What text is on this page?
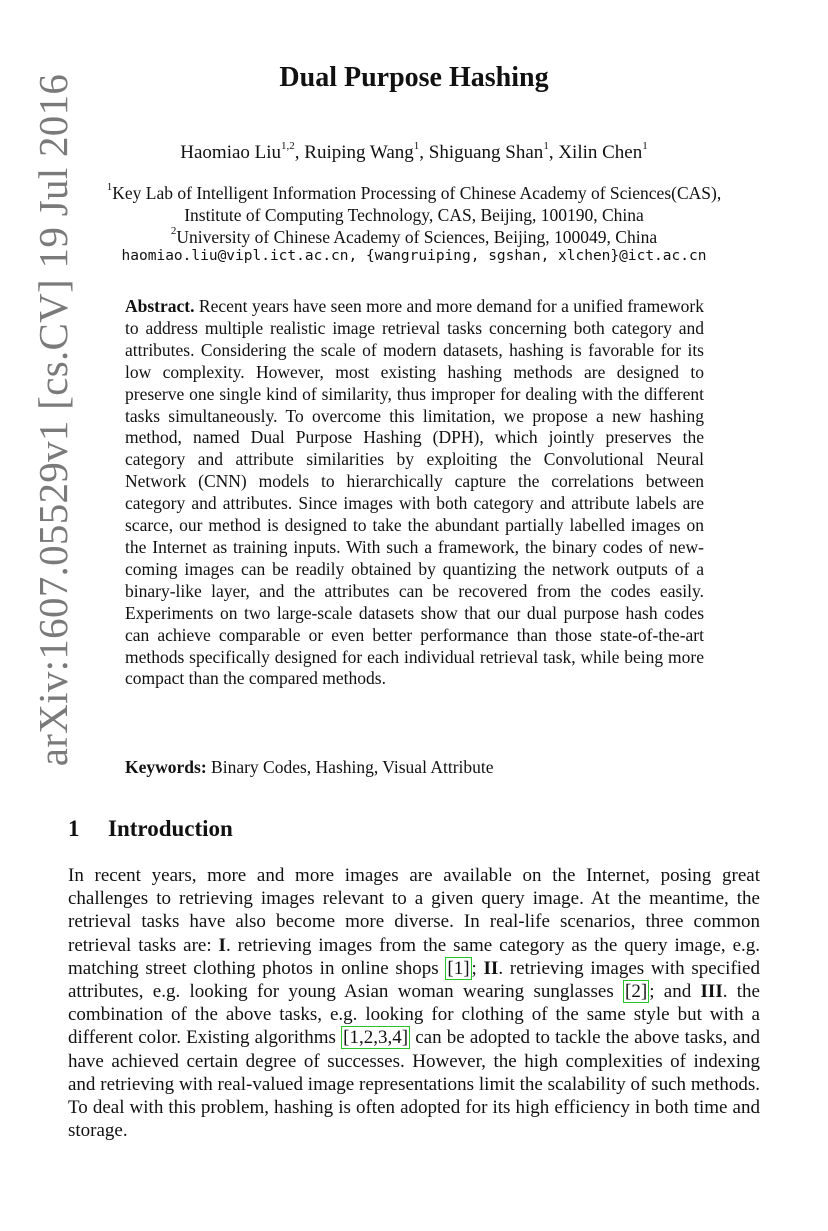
arXiv:1607.05529v1 [cs.CV] 19 Jul 2016	Dual Purpose Hashing
Haomiao Liu$^{1,2}$, Ruiping Wang$^1$, Shiguang Shan$^1$, Xilin Chen$^1$
$^1$Key Lab of Intelligent Information Processing of Chinese Academy of Sciences(CAS),
Institute of Computing Technology, CAS, Beijing, 100190, China
$^2$University of Chinese Academy of Sciences, Beijing, 100049, China
haomiao.liu@vipl.ict.ac.cn, {wangruiping, sgshan, xlchen}@ict.ac.cn
Abstract. Recent years have seen more and more demand for a unified framework to address multiple realistic image retrieval tasks concerning both category and attributes. Considering the scale of modern datasets, hashing is favorable for its low complexity. However, most existing hashing methods are designed to preserve one single kind of similarity, thus improper for dealing with the different tasks simultaneously. To overcome this limitation, we propose a new hashing method, named Dual Purpose Hashing (DPH), which jointly preserves the category and attribute similarities by exploiting the Convolutional Neural Network (CNN) models to hierarchically capture the correlations between category and attributes. Since images with both category and attribute labels are scarce, our method is designed to take the abundant partially labelled images on the Internet as training inputs. With such a framework, the binary codes of new-coming images can be readily obtained by quantizing the network outputs of a binary-like layer, and the attributes can be recovered from the codes easily. Experiments on two large-scale datasets show that our dual purpose hash codes can achieve comparable or even better performance than those state-of-the-art methods specifically designed for each individual retrieval task, while being more compact than the compared methods.
Keywords: Binary Codes, Hashing, Visual Attribute
1 Introduction
In recent years, more and more images are available on the Internet, posing great challenges to retrieving images relevant to a given query image. At the meantime, the retrieval tasks have also become more diverse. In real-life scenarios, three common retrieval tasks are: I. retrieving images from the same category as the query image, e.g. matching street clothing photos in online shops [1] ; II. retrieving images with specified attributes, e.g. looking for young Asian woman wearing sunglasses [2] ; and III. the combination of the above tasks, e.g. looking for clothing of the same style but with a different color. Existing algorithms [1,2,3,4] can be adopted to tackle the above tasks, and have achieved certain degree of successes. However, the high complexities of indexing and retrieving with real-valued image representations limit the scalability of such methods. To deal with this problem, hashing is often adopted for its high efficiency in both time and storage.
